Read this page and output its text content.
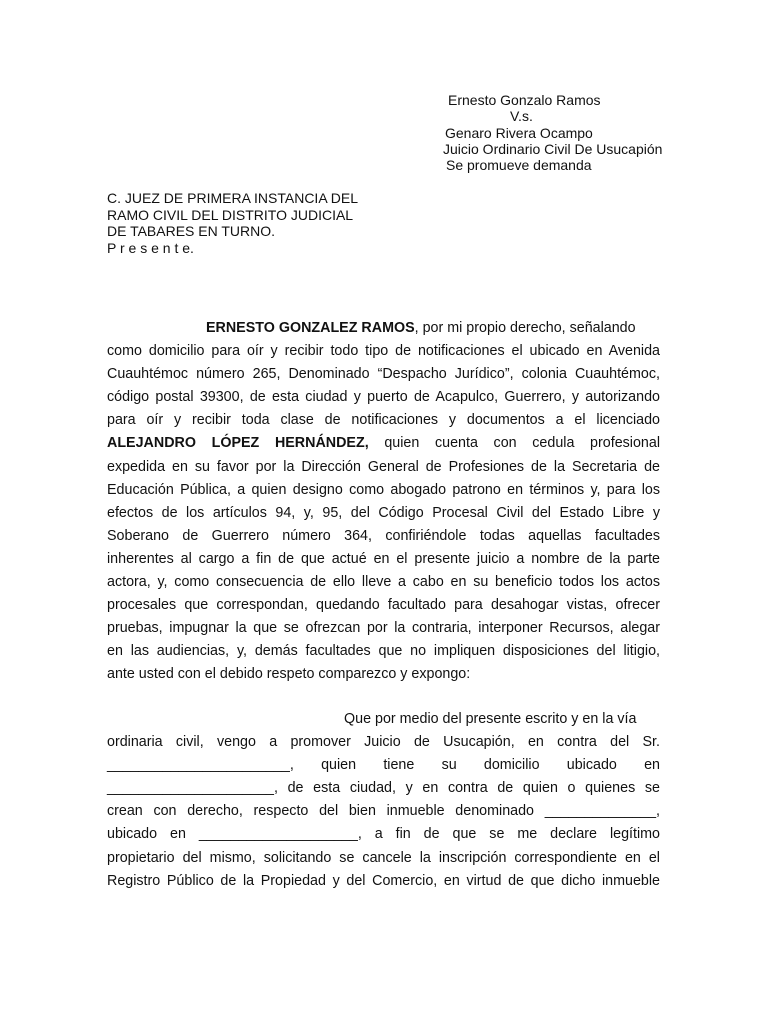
Ernesto Gonzalo Ramos
V.s.
Genaro Rivera Ocampo
Juicio Ordinario Civil De Usucapión
Se promueve demanda
C. JUEZ DE PRIMERA INSTANCIA DEL
RAMO CIVIL DEL DISTRITO JUDICIAL
DE TABARES EN TURNO.
P r e s e n t e.
ERNESTO GONZALEZ RAMOS, por mi propio derecho, señalando
como domicilio para oír y recibir todo tipo de notificaciones el ubicado en Avenida
Cuauhtémoc número 265, Denominado “Despacho Jurídico”, colonia Cuauhtémoc,
código postal 39300, de esta ciudad y puerto de Acapulco, Guerrero, y autorizando
para oír y recibir toda clase de notificaciones y documentos a el licenciado
ALEJANDRO LÓPEZ HERNÁNDEZ, quien cuenta con cedula profesional
expedida en su favor por la Dirección General de Profesiones de la Secretaria de
Educación Pública, a quien designo como abogado patrono en términos y, para los
efectos de los artículos 94, y, 95, del Código Procesal Civil del Estado Libre y
Soberano de Guerrero número 364, confiriéndole todas aquellas facultades
inherentes al cargo a fin de que actué en el presente juicio a nombre de la parte
actora, y, como consecuencia de ello lleve a cabo en su beneficio todos los actos
procesales que correspondan, quedando facultado para desahogar vistas, ofrecer
pruebas, impugnar la que se ofrezcan por la contraria, interponer Recursos, alegar
en las audiencias, y, demás facultades que no impliquen disposiciones del litigio,
ante usted con el debido respeto comparezco y expongo:
Que por medio del presente escrito y en la vía
ordinaria civil, vengo a promover Juicio de Usucapión, en contra del Sr.
_______________________, quien tiene su domicilio ubicado en
_____________________, de esta ciudad, y en contra de quien o quienes se
crean con derecho, respecto del bien inmueble denominado ______________,
ubicado en ____________________, a fin de que se me declare legítimo
propietario del mismo, solicitando se cancele la inscripción correspondiente en el
Registro Público de la Propiedad y del Comercio, en virtud de que dicho inmueble
